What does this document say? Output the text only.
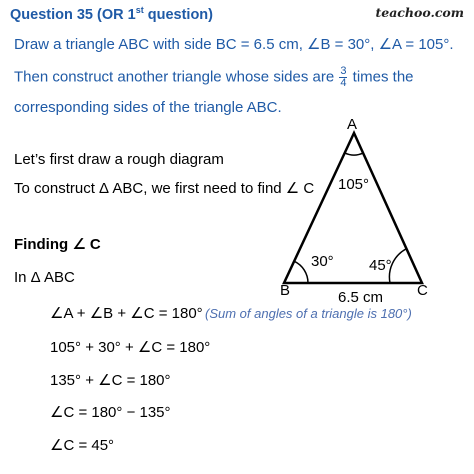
Question 35 (OR 1st question)	teachoo.com
Draw a triangle ABC with side BC = 6.5 cm, ∠B = 30°, ∠A = 105°.
Then construct another triangle whose sides are $\frac{3}{4}$ times the
corresponding sides of the triangle ABC.
Let’s first draw a rough diagram
To construct Δ ABC, we first need to find ∠ C
Finding ∠ C
In Δ ABC
∠A + ∠B + ∠C = 180°
105° + 30° + ∠C = 180°
135° + ∠C = 180°
∠C = 180° − 135°
∠C = 45°
(Sum of angles of a triangle is 180°)
A
B	C
105°
30° 45°
6.5 cm
